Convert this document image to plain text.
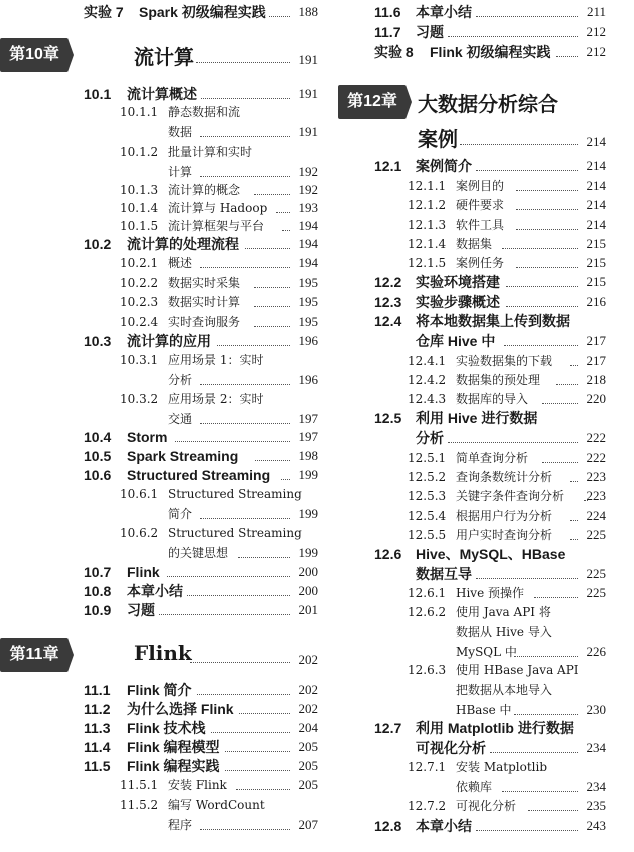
实验 7 Spark 初级编程实践	188
第10章	流计算	191
10.1 流计算概述	191
10.1.1 静态数据和流
数据	191
10.1.2 批量计算和实时
计算	192
10.1.3 流计算的概念	192
10.1.4 流计算与 Hadoop	193
10.1.5 流计算框架与平台	194
10.2 流计算的处理流程	194
10.2.1 概述	194
10.2.2 数据实时采集	195
10.2.3 数据实时计算	195
10.2.4 实时查询服务	195
10.3 流计算的应用	196
10.3.1 应用场景 1：实时
分析	196
10.3.2 应用场景 2：实时
交通	197
10.4 Storm	197
10.5 Spark Streaming	198
10.6 Structured Streaming	199
10.6.1 Structured Streaming
简介	199
10.6.2 Structured Streaming
的关键思想	199
10.7 Flink	200
10.8 本章小结	200
10.9 习题	201
第11章	Flink	202
11.1 Flink 简介	202
11.2 为什么选择 Flink	202
11.3 Flink 技术栈	204
11.4 Flink 编程模型	205
11.5 Flink 编程实践	205
11.5.1 安装 Flink	205
11.5.2 编写 WordCount
程序	207
11.6 本章小结	211
11.7 习题	212
实验 8 Flink 初级编程实践	212
第12章	大数据分析综合
案例	214
12.1 案例简介	214
12.1.1 案例目的	214
12.1.2 硬件要求	214
12.1.3 软件工具	214
12.1.4 数据集	215
12.1.5 案例任务	215
12.2 实验环境搭建	215
12.3 实验步骤概述	216
12.4 将本地数据集上传到数据
仓库 Hive 中	217
12.4.1 实验数据集的下载	217
12.4.2 数据集的预处理	218
12.4.3 数据库的导入	220
12.5 利用 Hive 进行数据
分析	222
12.5.1 简单查询分析	222
12.5.2 查询条数统计分析	223
12.5.3 关键字条件查询分析	223
12.5.4 根据用户行为分析	224
12.5.5 用户实时查询分析	225
12.6 Hive、MySQL、HBase
数据互导	225
12.6.1 Hive 预操作	225
12.6.2 使用 Java API 将
数据从 Hive 导入
MySQL 中	226
12.6.3 使用 HBase Java API
把数据从本地导入
HBase 中	230
12.7 利用 Matplotlib 进行数据
可视化分析	234
12.7.1 安装 Matplotlib
依赖库	234
12.7.2 可视化分析	235
12.8 本章小结	243
